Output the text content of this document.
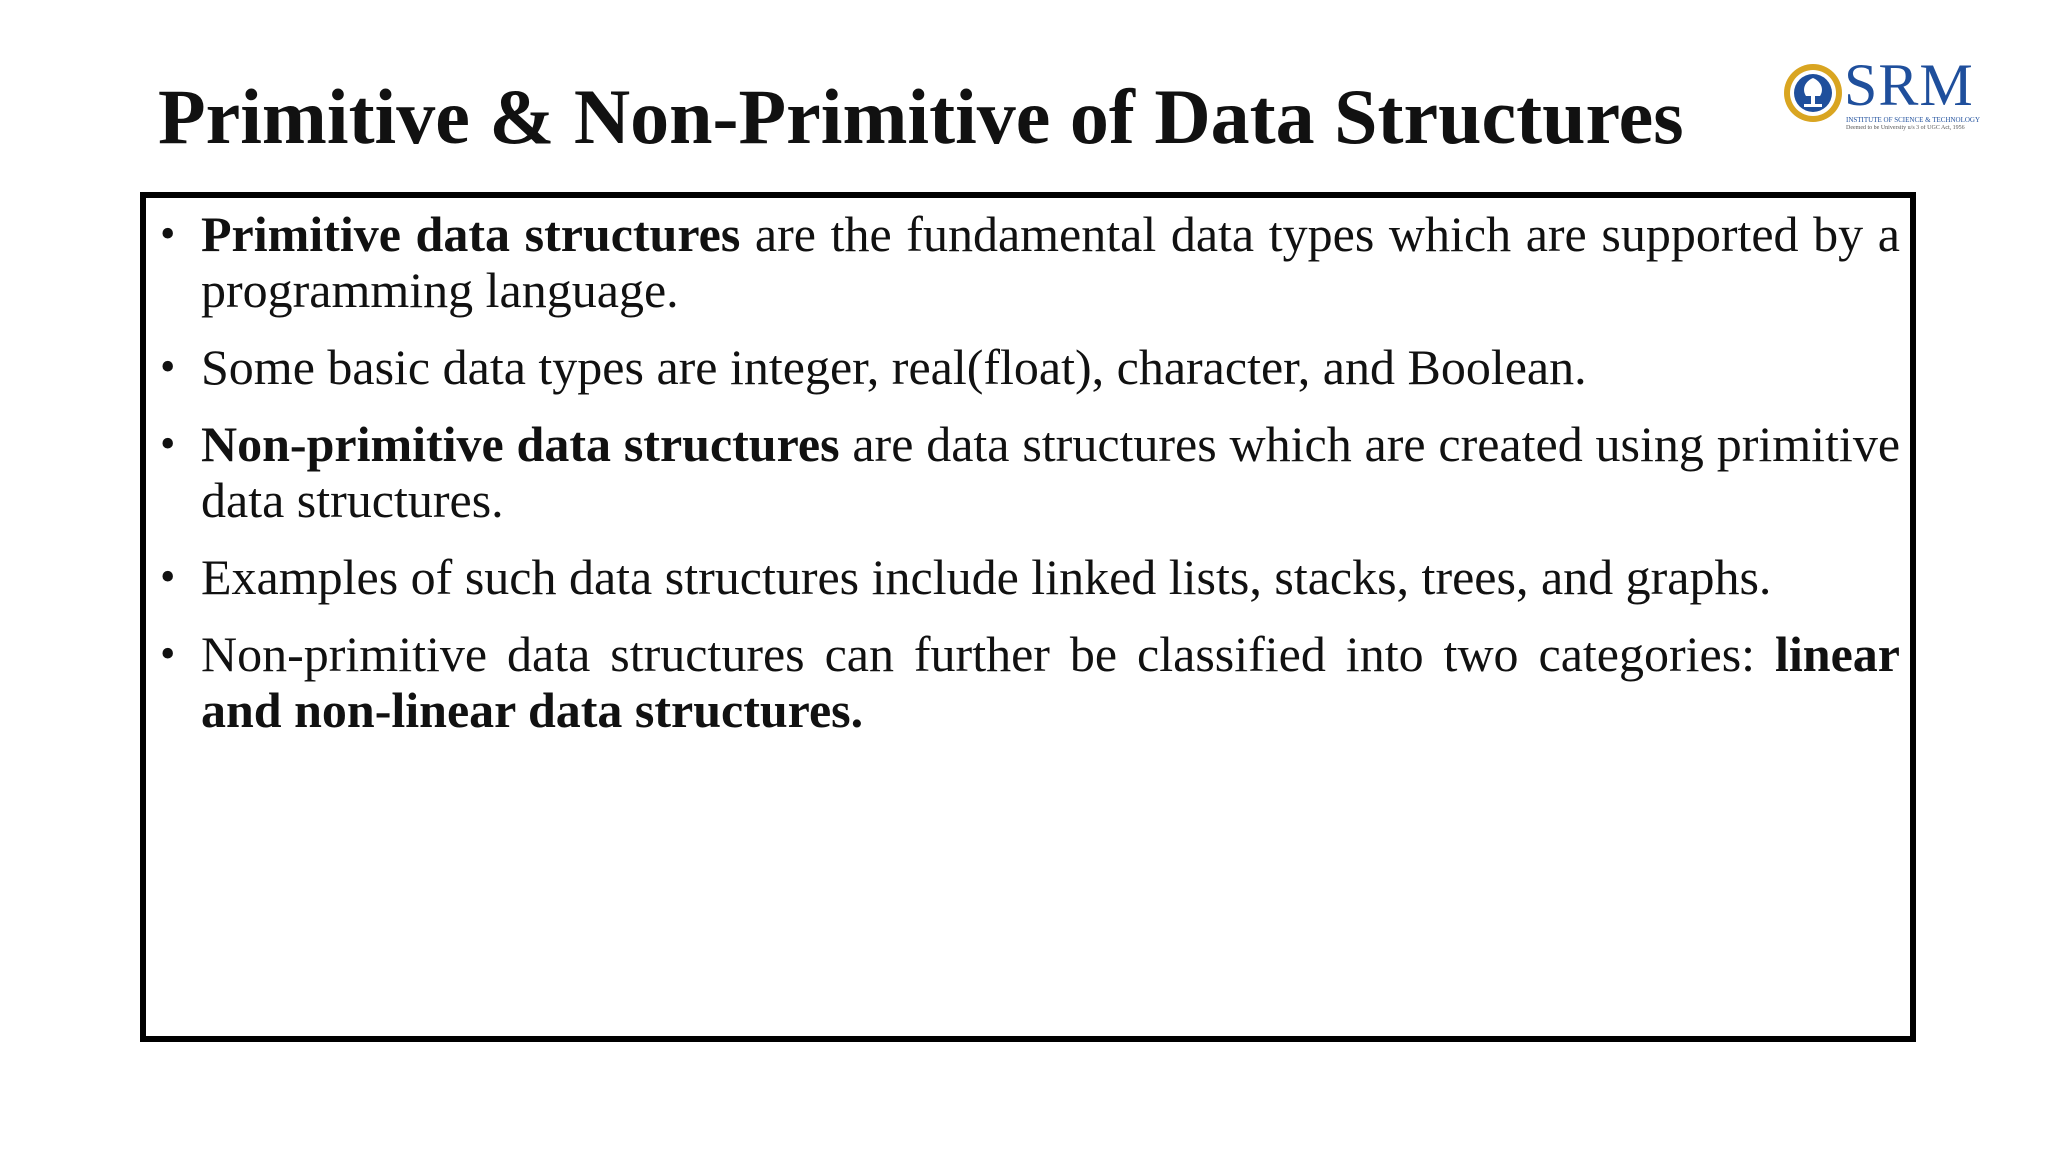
Primitive & Non-Primitive of Data Structures	SRM
INSTITUTE OF SCIENCE & TECHNOLOGY
Deemed to be University u/s 3 of UGC Act, 1956
• Primitive data structures are the fundamental data types which are supported by a programming language.
• Some basic data types are integer, real(float), character, and Boolean.
• Non-primitive data structures are data structures which are created using primitive data structures.
• Examples of such data structures include linked lists, stacks, trees, and graphs.
• Non-primitive data structures can further be classified into two categories: linear and non-linear data structures.
